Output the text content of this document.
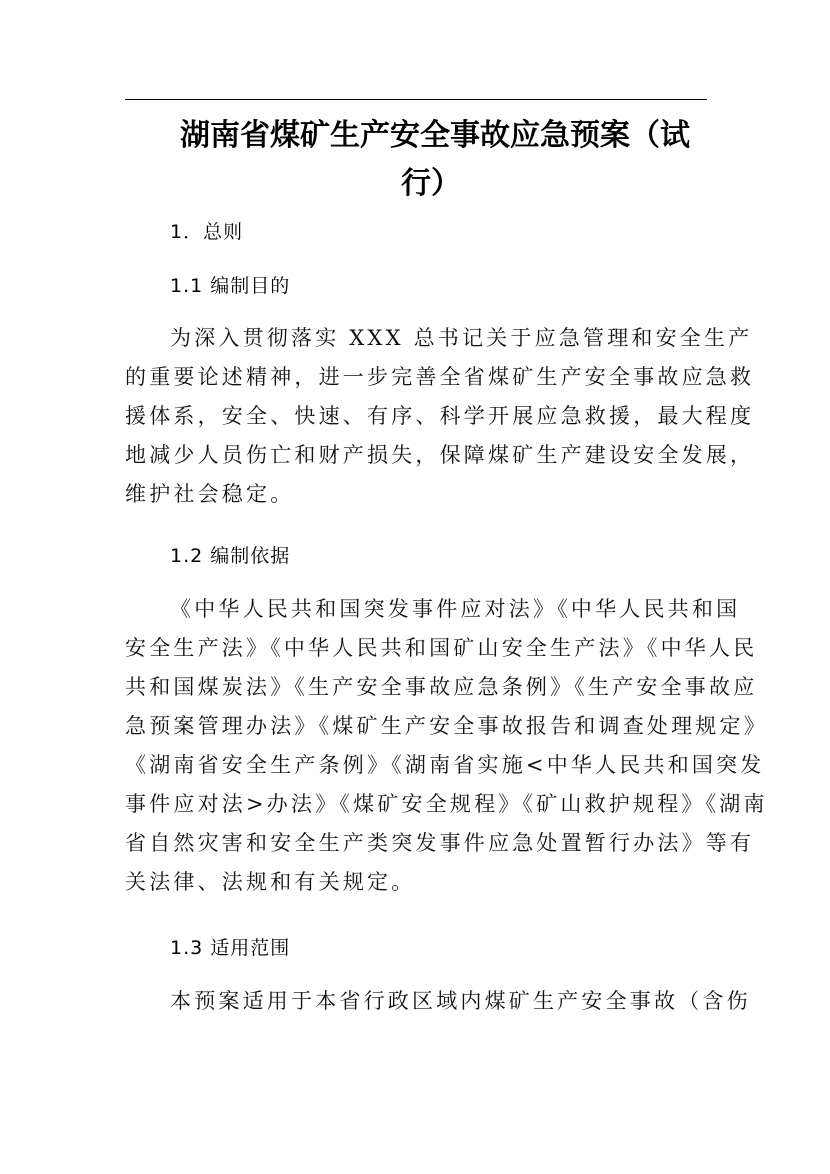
湖南省煤矿生产安全事故应急预案（试
行）
1．总则
1.1 编制目的
为深入贯彻落实 XXX 总书记关于应急管理和安全生产
的重要论述精神，进一步完善全省煤矿生产安全事故应急救
援体系，安全、快速、有序、科学开展应急救援，最大程度
地减少人员伤亡和财产损失，保障煤矿生产建设安全发展，
维护社会稳定。
1.2 编制依据
《中华人民共和国突发事件应对法》《中华人民共和国
安全生产法》《中华人民共和国矿山安全生产法》《中华人民
共和国煤炭法》《生产安全事故应急条例》《生产安全事故应
急预案管理办法》《煤矿生产安全事故报告和调查处理规定》
《湖南省安全生产条例》《湖南省实施<中华人民共和国突发
事件应对法>办法》《煤矿安全规程》《矿山救护规程》《湖南
省自然灾害和安全生产类突发事件应急处置暂行办法》等有
关法律、法规和有关规定。
1.3 适用范围
本预案适用于本省行政区域内煤矿生产安全事故（含伤
